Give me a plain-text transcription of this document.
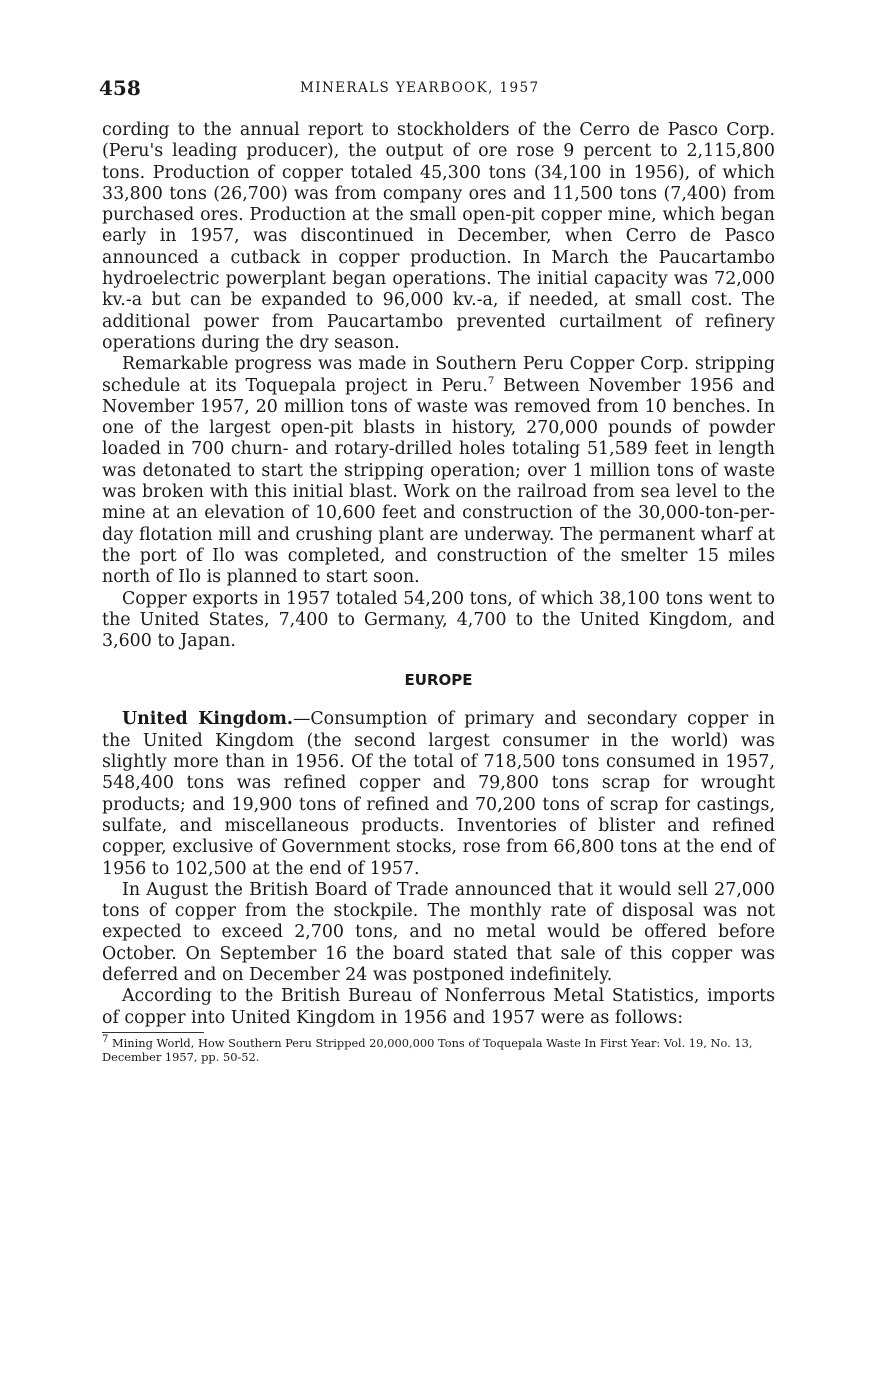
458	MINERALS YEARBOOK, 1957

cording to the annual report to stockholders of the Cerro de Pasco Corp. (Peru's leading producer), the output of ore rose 9 percent to 2,115,800 tons. Production of copper totaled 45,300 tons (34,100 in 1956), of which 33,800 tons (26,700) was from company ores and 11,500 tons (7,400) from purchased ores. Production at the small open-pit copper mine, which began early in 1957, was discontinued in December, when Cerro de Pasco announced a cutback in copper production. In March the Paucartambo hydroelectric powerplant began operations. The initial capacity was 72,000 kv.-a but can be expanded to 96,000 kv.-a, if needed, at small cost. The additional power from Paucartambo prevented curtailment of refinery operations during the dry season.

Remarkable progress was made in Southern Peru Copper Corp. stripping schedule at its Toquepala project in Peru.$^7$ Between November 1956 and November 1957, 20 million tons of waste was removed from 10 benches. In one of the largest open-pit blasts in history, 270,000 pounds of powder loaded in 700 churn- and rotary-drilled holes totaling 51,589 feet in length was detonated to start the stripping operation; over 1 million tons of waste was broken with this initial blast. Work on the railroad from sea level to the mine at an elevation of 10,600 feet and construction of the 30,000-ton-per-day flotation mill and crushing plant are underway. The permanent wharf at the port of Ilo was completed, and construction of the smelter 15 miles north of Ilo is planned to start soon.

Copper exports in 1957 totaled 54,200 tons, of which 38,100 tons went to the United States, 7,400 to Germany, 4,700 to the United Kingdom, and 3,600 to Japan.

EUROPE

United Kingdom.—Consumption of primary and secondary copper in the United Kingdom (the second largest consumer in the world) was slightly more than in 1956. Of the total of 718,500 tons consumed in 1957, 548,400 tons was refined copper and 79,800 tons scrap for wrought products; and 19,900 tons of refined and 70,200 tons of scrap for castings, sulfate, and miscellaneous products. Inventories of blister and refined copper, exclusive of Government stocks, rose from 66,800 tons at the end of 1956 to 102,500 at the end of 1957.

In August the British Board of Trade announced that it would sell 27,000 tons of copper from the stockpile. The monthly rate of disposal was not expected to exceed 2,700 tons, and no metal would be offered before October. On September 16 the board stated that sale of this copper was deferred and on December 24 was postponed indefinitely.

According to the British Bureau of Nonferrous Metal Statistics, imports of copper into United Kingdom in 1956 and 1957 were as follows:

$^7$ Mining World, How Southern Peru Stripped 20,000,000 Tons of Toquepala Waste In First Year: Vol. 19, No. 13, December 1957, pp. 50-52.
